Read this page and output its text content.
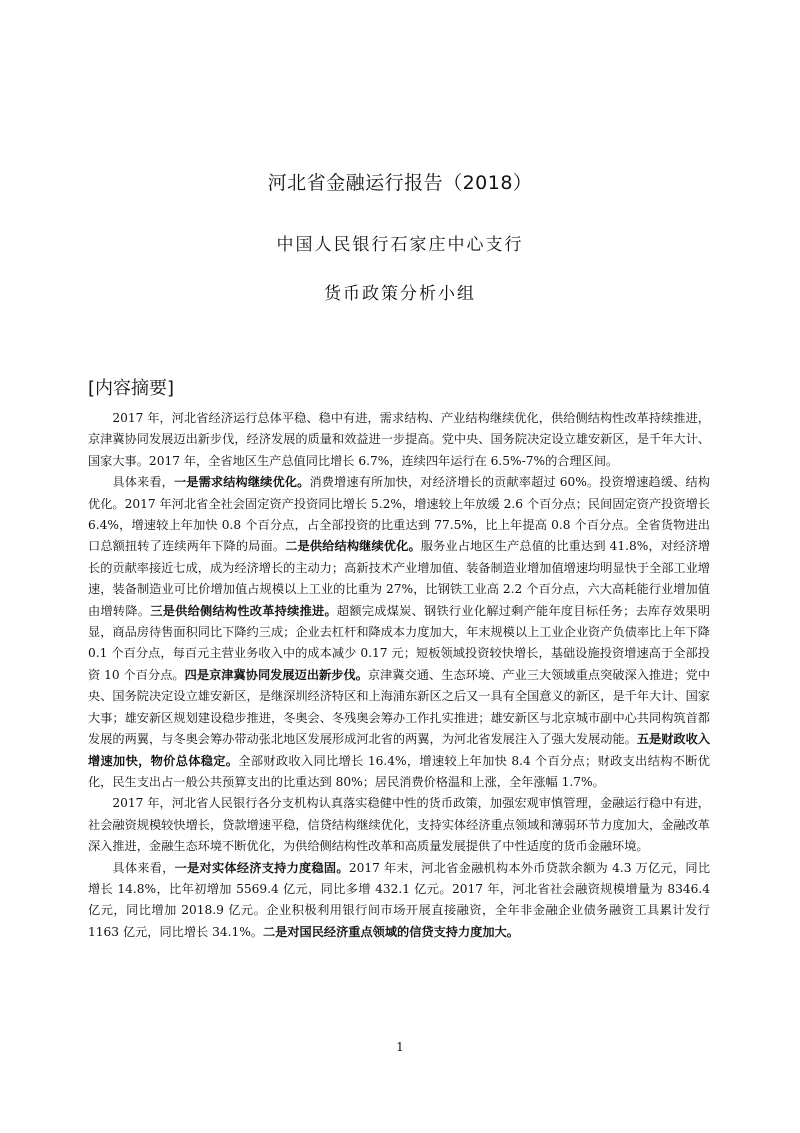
河北省金融运行报告（2018）
中国人民银行石家庄中心支行
货币政策分析小组
[内容摘要]

2017 年，河北省经济运行总体平稳、稳中有进，需求结构、产业结构继续优化，供给侧结构性改革持续推进，京津冀协同发展迈出新步伐，经济发展的质量和效益进一步提高。党中央、国务院决定设立雄安新区，是千年大计、国家大事。2017 年，全省地区生产总值同比增长 6.7%，连续四年运行在 6.5%-7%的合理区间。

具体来看，一是需求结构继续优化。消费增速有所加快，对经济增长的贡献率超过 60%。投资增速趋缓、结构优化。2017 年河北省全社会固定资产投资同比增长 5.2%，增速较上年放缓 2.6 个百分点；民间固定资产投资增长 6.4%，增速较上年加快 0.8 个百分点，占全部投资的比重达到 77.5%，比上年提高 0.8 个百分点。全省货物进出口总额扭转了连续两年下降的局面。二是供给结构继续优化。服务业占地区生产总值的比重达到 41.8%，对经济增长的贡献率接近七成，成为经济增长的主动力；高新技术产业增加值、装备制造业增加值增速均明显快于全部工业增速，装备制造业可比价增加值占规模以上工业的比重为 27%，比钢铁工业高 2.2 个百分点，六大高耗能行业增加值由增转降。三是供给侧结构性改革持续推进。超额完成煤炭、钢铁行业化解过剩产能年度目标任务；去库存效果明显，商品房待售面积同比下降约三成；企业去杠杆和降成本力度加大，年末规模以上工业企业资产负债率比上年下降 0.1 个百分点，每百元主营业务收入中的成本减少 0.17 元；短板领域投资较快增长，基础设施投资增速高于全部投资 10 个百分点。四是京津冀协同发展迈出新步伐。京津冀交通、生态环境、产业三大领域重点突破深入推进；党中央、国务院决定设立雄安新区，是继深圳经济特区和上海浦东新区之后又一具有全国意义的新区，是千年大计、国家大事；雄安新区规划建设稳步推进，冬奥会、冬残奥会筹办工作扎实推进；雄安新区与北京城市副中心共同构筑首都发展的两翼，与冬奥会筹办带动张北地区发展形成河北省的两翼，为河北省发展注入了强大发展动能。五是财政收入增速加快，物价总体稳定。全部财政收入同比增长 16.4%，增速较上年加快 8.4 个百分点；财政支出结构不断优化，民生支出占一般公共预算支出的比重达到 80%；居民消费价格温和上涨，全年涨幅 1.7%。

2017 年，河北省人民银行各分支机构认真落实稳健中性的货币政策，加强宏观审慎管理，金融运行稳中有进，社会融资规模较快增长，贷款增速平稳，信贷结构继续优化，支持实体经济重点领域和薄弱环节力度加大，金融改革深入推进，金融生态环境不断优化，为供给侧结构性改革和高质量发展提供了中性适度的货币金融环境。

具体来看，一是对实体经济支持力度稳固。2017 年末，河北省金融机构本外币贷款余额为 4.3 万亿元，同比增长 14.8%，比年初增加 5569.4 亿元，同比多增 432.1 亿元。2017 年，河北省社会融资规模增量为 8346.4 亿元，同比增加 2018.9 亿元。企业积极利用银行间市场开展直接融资，全年非金融企业债务融资工具累计发行 1163 亿元，同比增长 34.1%。二是对国民经济重点领域的信贷支持力度加大。

1
